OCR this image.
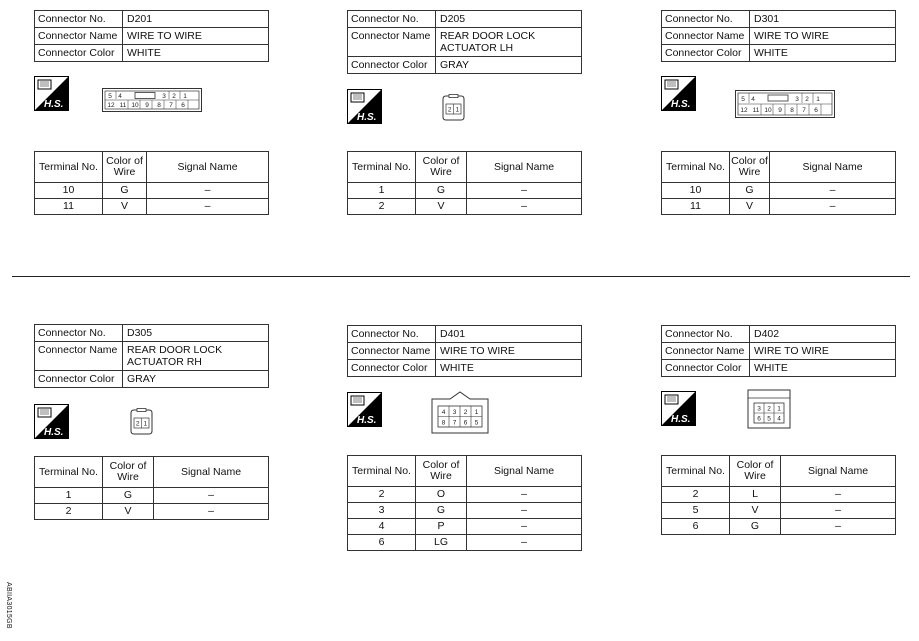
Connector No.	D201
Connector Name	WIRE TO WIRE
Connector Color	WHITE
H.S.
5 4	3 2 1
12 11 10 9 8 7 6
Terminal No.	Color of Wire	Signal Name
10	G	–
11	V	–
Connector No.	D205
Connector Name	REAR DOOR LOCK ACTUATOR LH
Connector Color	GRAY
H.S.
2 1
Terminal No.	Color of Wire	Signal Name
1	G	–
2	V	–
Connector No.	D301
Connector Name	WIRE TO WIRE
Connector Color	WHITE
H.S.	5 4	3 2 1
12 11 10 9 8 7 6
Terminal No.	Color of Wire	Signal Name
10	G	–
11	V	–
Connector No.	D305
Connector Name	REAR DOOR LOCK ACTUATOR RH
Connector Color	GRAY
H.S.
2 1
Terminal No.	Color of Wire	Signal Name
1	G	–
2	V	–
Connector No.	D401
Connector Name	WIRE TO WIRE
Connector Color	WHITE
H.S.
4 3 2 1
8 7 6 5
Terminal No.	Color of Wire	Signal Name
2	O	–
3	G	–
4	P	–
6	LG	–
Connector No.	D402
Connector Name	WIRE TO WIRE
Connector Color	WHITE
H.S.
3 2 1
6 5 4
Terminal No.	Color of Wire	Signal Name
2	L	–
5	V	–
6	G	–
ABIIA3015GB
